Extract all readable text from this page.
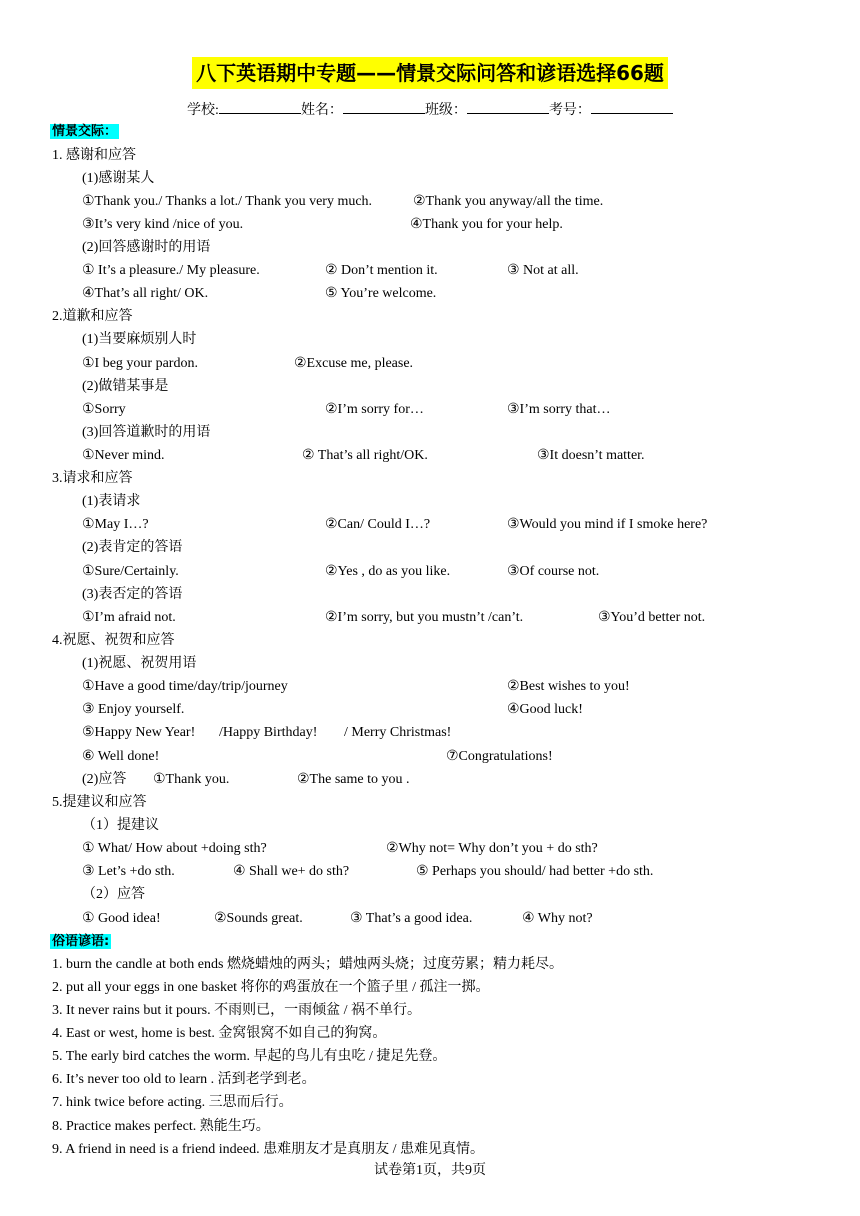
八下英语期中专题——情景交际问答和谚语选择66题
学校:	姓名：	班级：	考号：
情景交际：
1. 感谢和应答
(1)感谢某人
①Thank you./ Thanks a lot./ Thank you very much.	②Thank you anyway/all the time.
③It’s very kind /nice of you.	④Thank you for your help.
(2)回答感谢时的用语
① It’s a pleasure./ My pleasure.	② Don’t mention it.	③ Not at all.
④That’s all right/ OK.	⑤ You’re welcome.
2.道歉和应答
(1)当要麻烦别人时
①I beg your pardon.	②Excuse me, please.
(2)做错某事是
①Sorry	②I’m sorry for…	③I’m sorry that…
(3)回答道歉时的用语
①Never mind.	② That’s all right/OK.	③It doesn’t matter.
3.请求和应答
(1)表请求
①May I…?	②Can/ Could I…?	③Would you mind if I smoke here?
(2)表肯定的答语
①Sure/Certainly.	②Yes , do as you like.	③Of course not.
(3)表否定的答语
①I’m afraid not.	②I’m sorry, but you mustn’t /can’t.	③You’d better not.
4.祝愿、祝贺和应答
(1)祝愿、祝贺用语
①Have a good time/day/trip/journey	②Best wishes to you!
③ Enjoy yourself.	④Good luck!
⑤Happy New Year! /Happy Birthday! / Merry Christmas!
⑥ Well done!	⑦Congratulations!
(2)应答 ①Thank you.	②The same to you .
5.提建议和应答
（1）提建议
① What/ How about +doing sth?	②Why not= Why don’t you + do sth?
③ Let’s +do sth.	④ Shall we+ do sth?	⑤ Perhaps you should/ had better +do sth.
（2）应答
① Good idea!	②Sounds great.	③ That’s a good idea.	④ Why not?
俗语谚语:
1. burn the candle at both ends 燃烧蜡烛的两头；蜡烛两头烧；过度劳累；精力耗尽。
2. put all your eggs in one basket 将你的鸡蛋放在一个篮子里 / 孤注一掷。
3. It never rains but it pours. 不雨则已，一雨倾盆 / 祸不单行。
4. East or west, home is best. 金窝银窝不如自己的狗窝。
5. The early bird catches the worm. 早起的鸟儿有虫吃 / 捷足先登。
6. It’s never too old to learn . 活到老学到老。
7. hink twice before acting. 三思而后行。
8. Practice makes perfect. 熟能生巧。
9. A friend in need is a friend indeed. 患难朋友才是真朋友 / 患难见真情。
试卷第1页，共9页
